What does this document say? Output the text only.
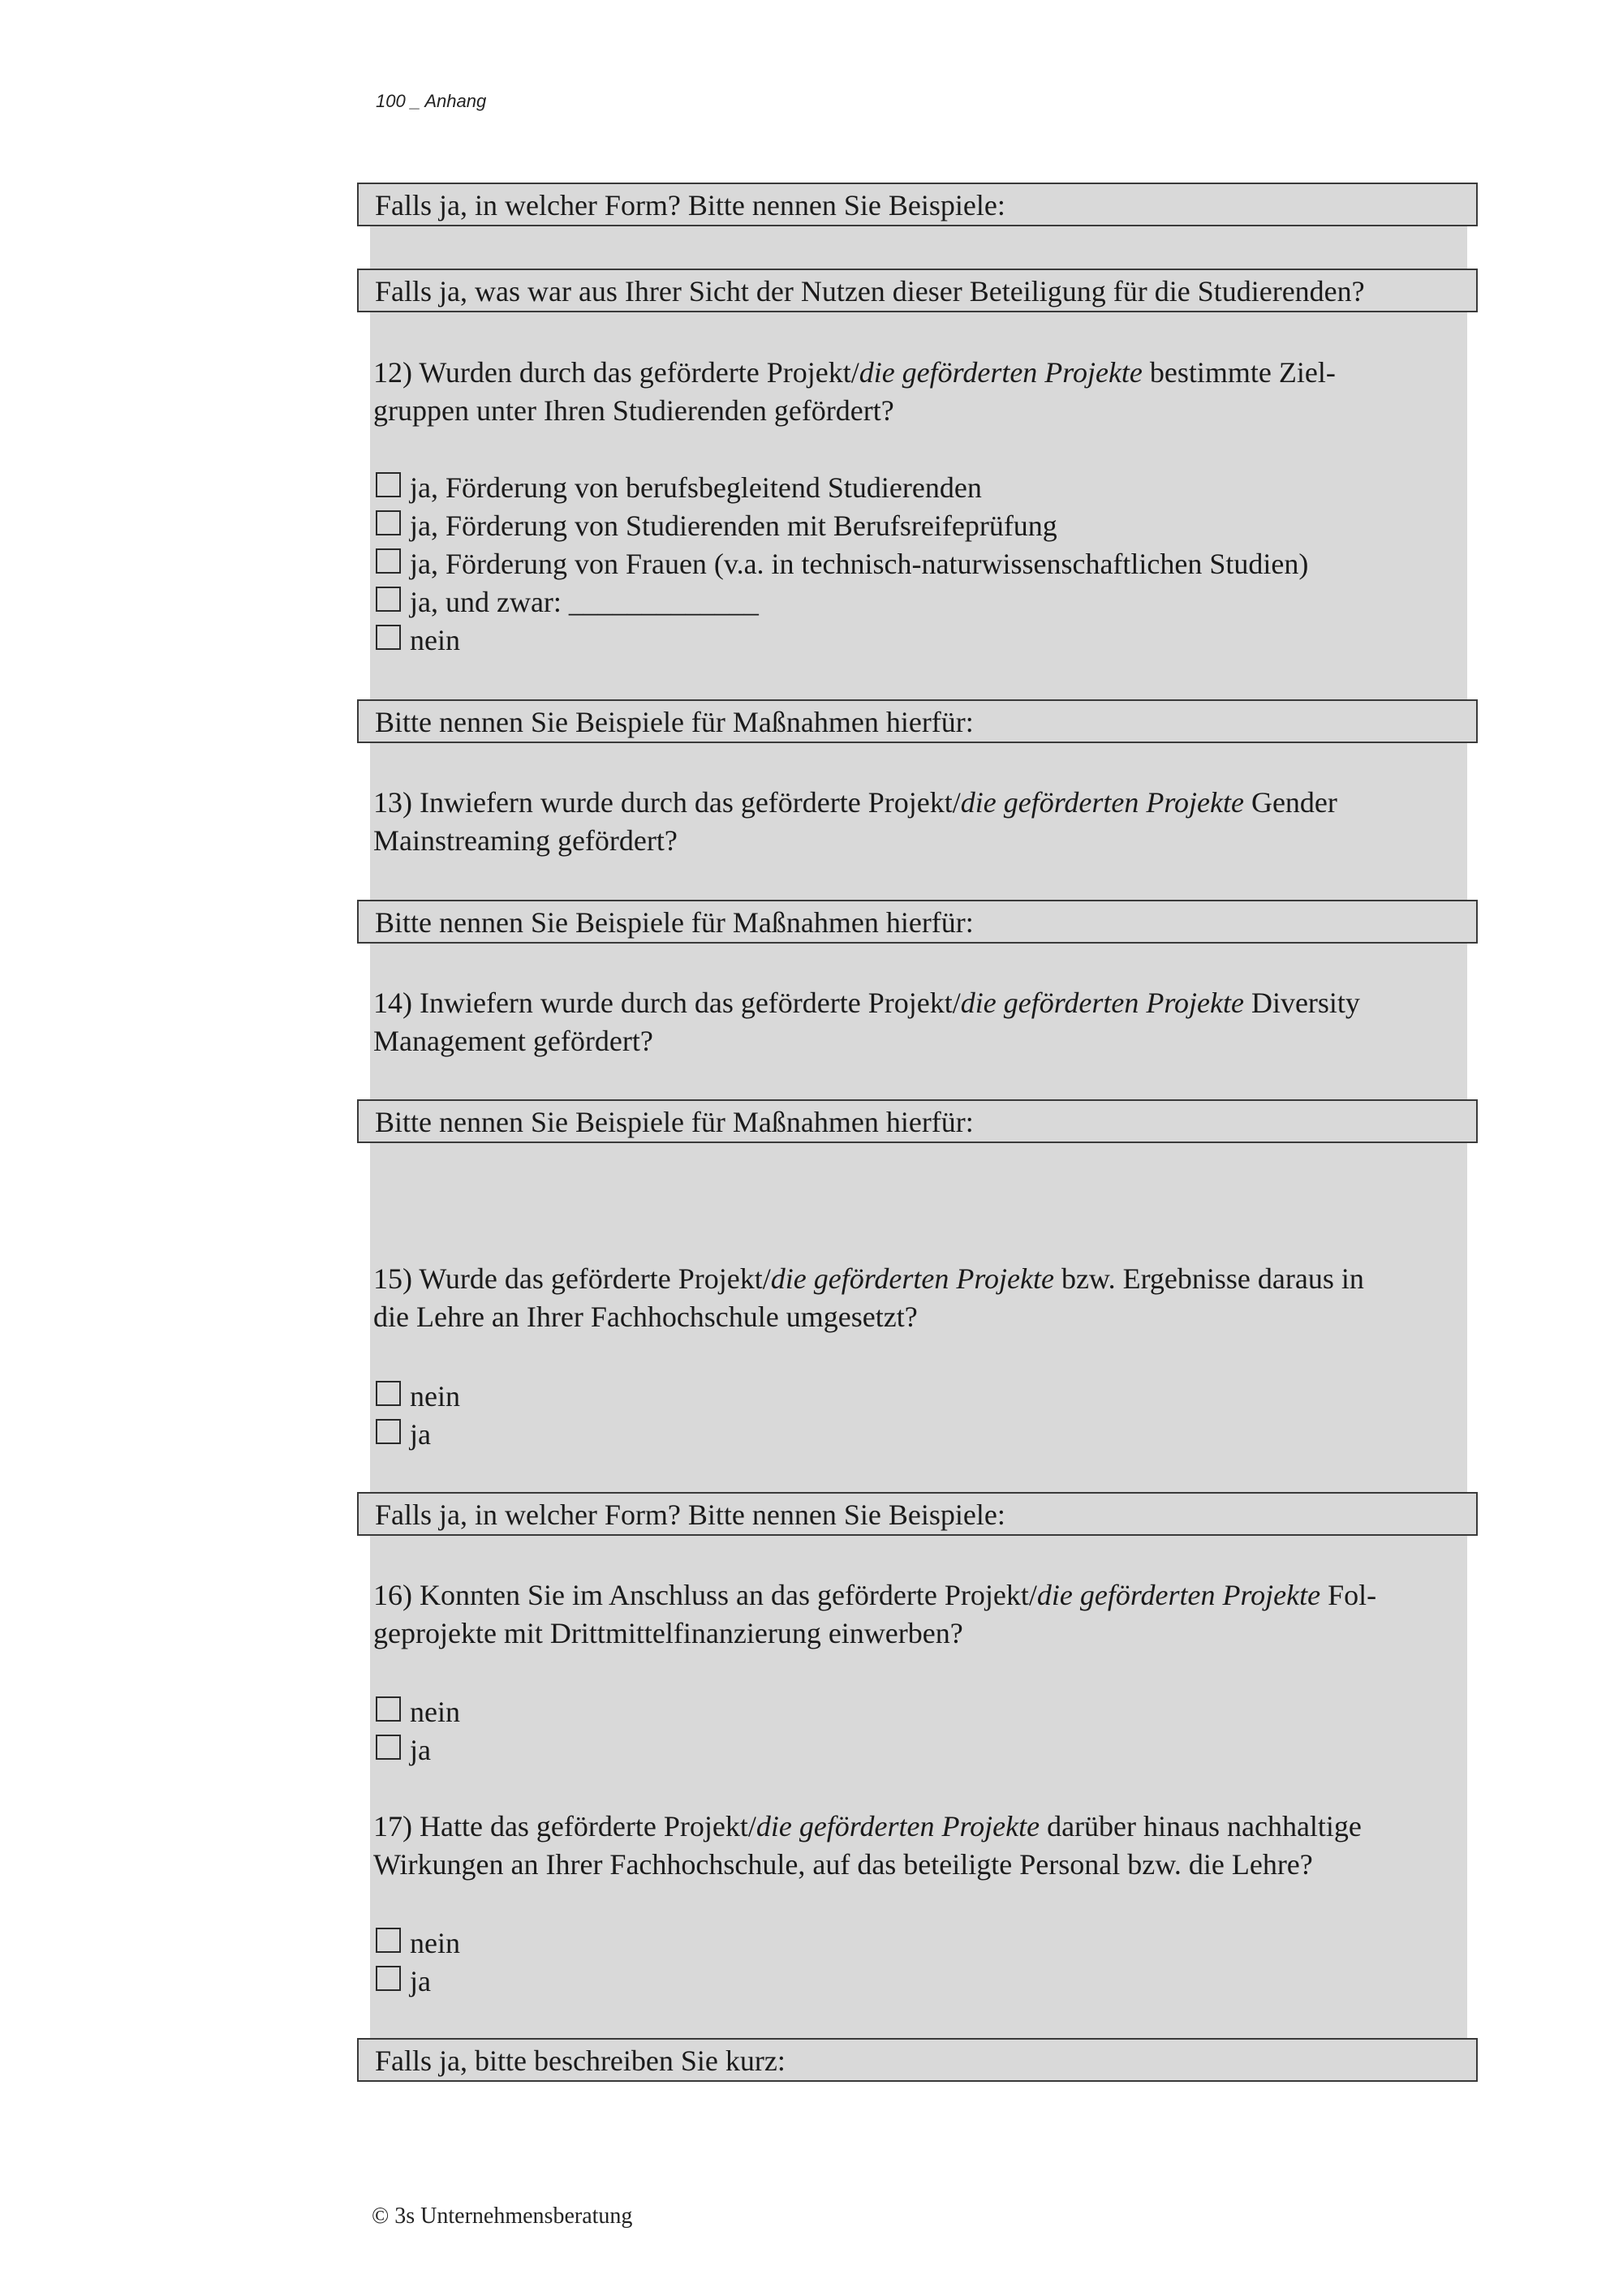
100 _ Anhang
Falls ja, in welcher Form? Bitte nennen Sie Beispiele:
Falls ja, was war aus Ihrer Sicht der Nutzen dieser Beteiligung für die Studierenden?

12) Wurden durch das geförderte Projekt/die geförderten Projekte bestimmte Ziel-

gruppen unter Ihren Studierenden gefördert?

ja, Förderung von berufsbegleitend Studierenden
ja, Förderung von Studierenden mit Berufsreifeprüfung
ja, Förderung von Frauen (v.a. in technisch-naturwissenschaftlichen Studien)
ja, und zwar: _____________
nein
Bitte nennen Sie Beispiele für Maßnahmen hierfür:

13) Inwiefern wurde durch das geförderte Projekt/die geförderten Projekte Gender

Mainstreaming gefördert?

Bitte nennen Sie Beispiele für Maßnahmen hierfür:

14) Inwiefern wurde durch das geförderte Projekt/die geförderten Projekte Diversity

Management gefördert?

Bitte nennen Sie Beispiele für Maßnahmen hierfür:

15) Wurde das geförderte Projekt/die geförderten Projekte bzw. Ergebnisse daraus in

die Lehre an Ihrer Fachhochschule umgesetzt?

nein
ja
Falls ja, in welcher Form? Bitte nennen Sie Beispiele:

16) Konnten Sie im Anschluss an das geförderte Projekt/die geförderten Projekte Fol-

geprojekte mit Drittmittelfinanzierung einwerben?

nein
ja

17) Hatte das geförderte Projekt/die geförderten Projekte darüber hinaus nachhaltige

Wirkungen an Ihrer Fachhochschule, auf das beteiligte Personal bzw. die Lehre?

nein
ja
Falls ja, bitte beschreiben Sie kurz:
© 3s Unternehmensberatung
